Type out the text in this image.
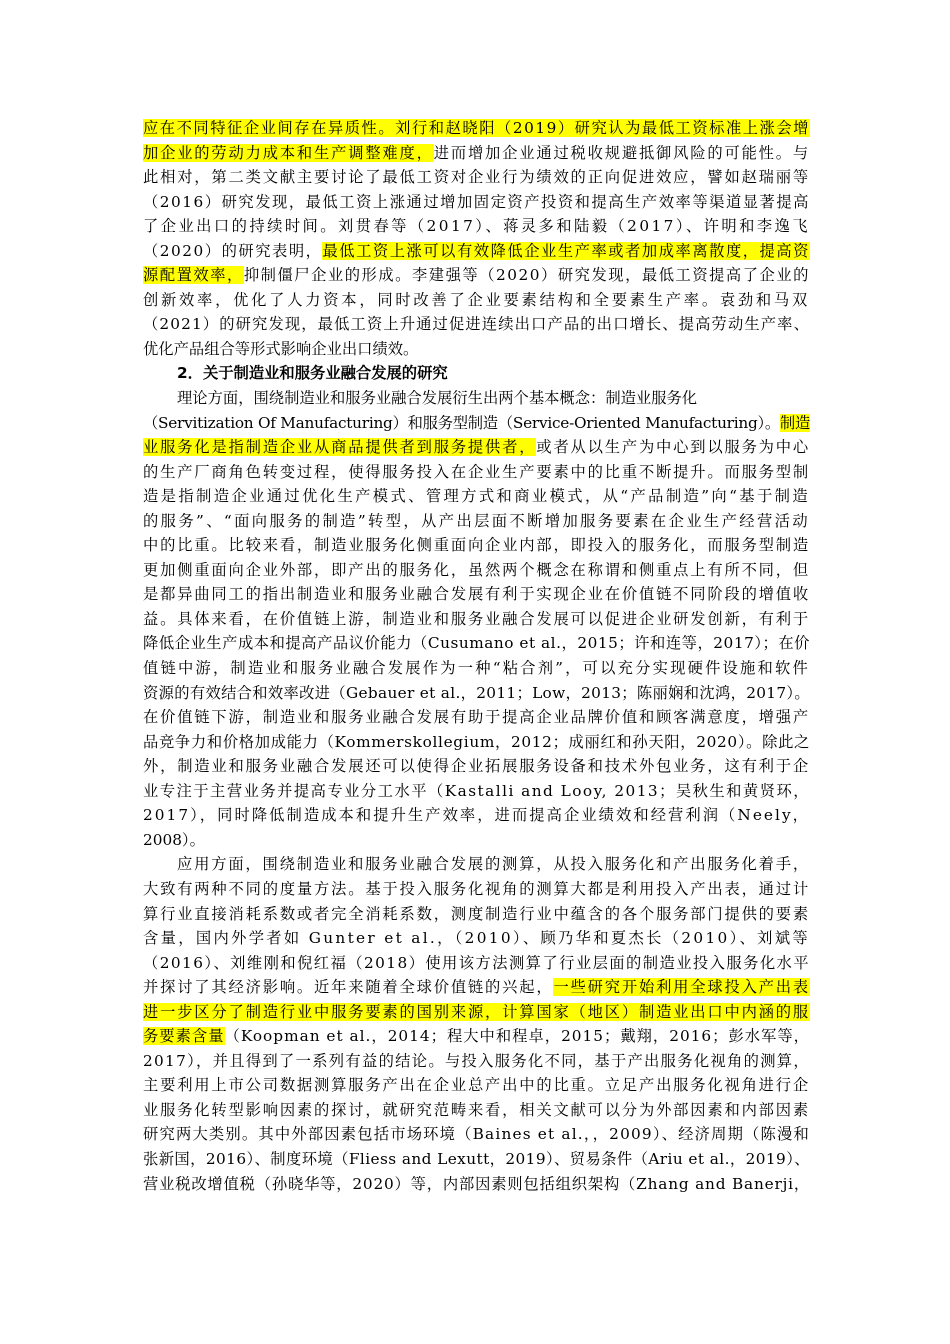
应在不同特征企业间存在异质性。刘行和赵晓阳（2019）研究认为最低工资标准上涨会增
加企业的劳动力成本和生产调整难度，进而增加企业通过税收规避抵御风险的可能性。与
此相对，第二类文献主要讨论了最低工资对企业行为绩效的正向促进效应，譬如赵瑞丽等
（2016）研究发现，最低工资上涨通过增加固定资产投资和提高生产效率等渠道显著提高
了企业出口的持续时间。刘贯春等（2017）、蒋灵多和陆毅（2017）、许明和李逸飞
（2020）的研究表明，最低工资上涨可以有效降低企业生产率或者加成率离散度，提高资
源配置效率，抑制僵尸企业的形成。李建强等（2020）研究发现，最低工资提高了企业的
创新效率，优化了人力资本，同时改善了企业要素结构和全要素生产率。袁劲和马双
（2021）的研究发现，最低工资上升通过促进连续出口产品的出口增长、提高劳动生产率、
优化产品组合等形式影响企业出口绩效。
2．关于制造业和服务业融合发展的研究
理论方面，围绕制造业和服务业融合发展衍生出两个基本概念：制造业服务化
（Servitization Of Manufacturing）和服务型制造（Service-Oriented Manufacturing）。制造
业服务化是指制造企业从商品提供者到服务提供者，或者从以生产为中心到以服务为中心
的生产厂商角色转变过程，使得服务投入在企业生产要素中的比重不断提升。而服务型制
造是指制造企业通过优化生产模式、管理方式和商业模式，从“产品制造”向“基于制造
的服务”、“面向服务的制造”转型，从产出层面不断增加服务要素在企业生产经营活动
中的比重。比较来看，制造业服务化侧重面向企业内部，即投入的服务化，而服务型制造
更加侧重面向企业外部，即产出的服务化，虽然两个概念在称谓和侧重点上有所不同，但
是都异曲同工的指出制造业和服务业融合发展有利于实现企业在价值链不同阶段的增值收
益。具体来看，在价值链上游，制造业和服务业融合发展可以促进企业研发创新，有利于
降低企业生产成本和提高产品议价能力（Cusumano et al.，2015；许和连等，2017）；在价
值链中游，制造业和服务业融合发展作为一种“粘合剂”，可以充分实现硬件设施和软件
资源的有效结合和效率改进（Gebauer et al.，2011；Low，2013；陈丽娴和沈鸿，2017）。
在价值链下游，制造业和服务业融合发展有助于提高企业品牌价值和顾客满意度，增强产
品竞争力和价格加成能力（Kommerskollegium，2012；成丽红和孙天阳，2020）。除此之
外，制造业和服务业融合发展还可以使得企业拓展服务设备和技术外包业务，这有利于企
业专注于主营业务并提高专业分工水平（Kastalli and Looy, 2013；吴秋生和黄贤环，
2017），同时降低制造成本和提升生产效率，进而提高企业绩效和经营利润（Neely，
2008）。
应用方面，围绕制造业和服务业融合发展的测算，从投入服务化和产出服务化着手，
大致有两种不同的度量方法。基于投入服务化视角的测算大都是利用投入产出表，通过计
算行业直接消耗系数或者完全消耗系数，测度制造行业中蕴含的各个服务部门提供的要素
含量，国内外学者如 Gunter et al.，（2010）、顾乃华和夏杰长（2010）、刘斌等
（2016）、刘维刚和倪红福（2018）使用该方法测算了行业层面的制造业投入服务化水平
并探讨了其经济影响。近年来随着全球价值链的兴起，一些研究开始利用全球投入产出表
进一步区分了制造行业中服务要素的国别来源，计算国家（地区）制造业出口中内涵的服
务要素含量（Koopman et al.，2014；程大中和程卓，2015；戴翔，2016；彭水军等，
2017），并且得到了一系列有益的结论。与投入服务化不同，基于产出服务化视角的测算，
主要利用上市公司数据测算服务产出在企业总产出中的比重。立足产出服务化视角进行企
业服务化转型影响因素的探讨，就研究范畴来看，相关文献可以分为外部因素和内部因素
研究两大类别。其中外部因素包括市场环境（Baines et al.，，2009）、经济周期（陈漫和
张新国，2016）、制度环境（Fliess and Lexutt，2019）、贸易条件（Ariu et al.，2019）、
营业税改增值税（孙晓华等，2020）等，内部因素则包括组织架构（Zhang and Banerji，
